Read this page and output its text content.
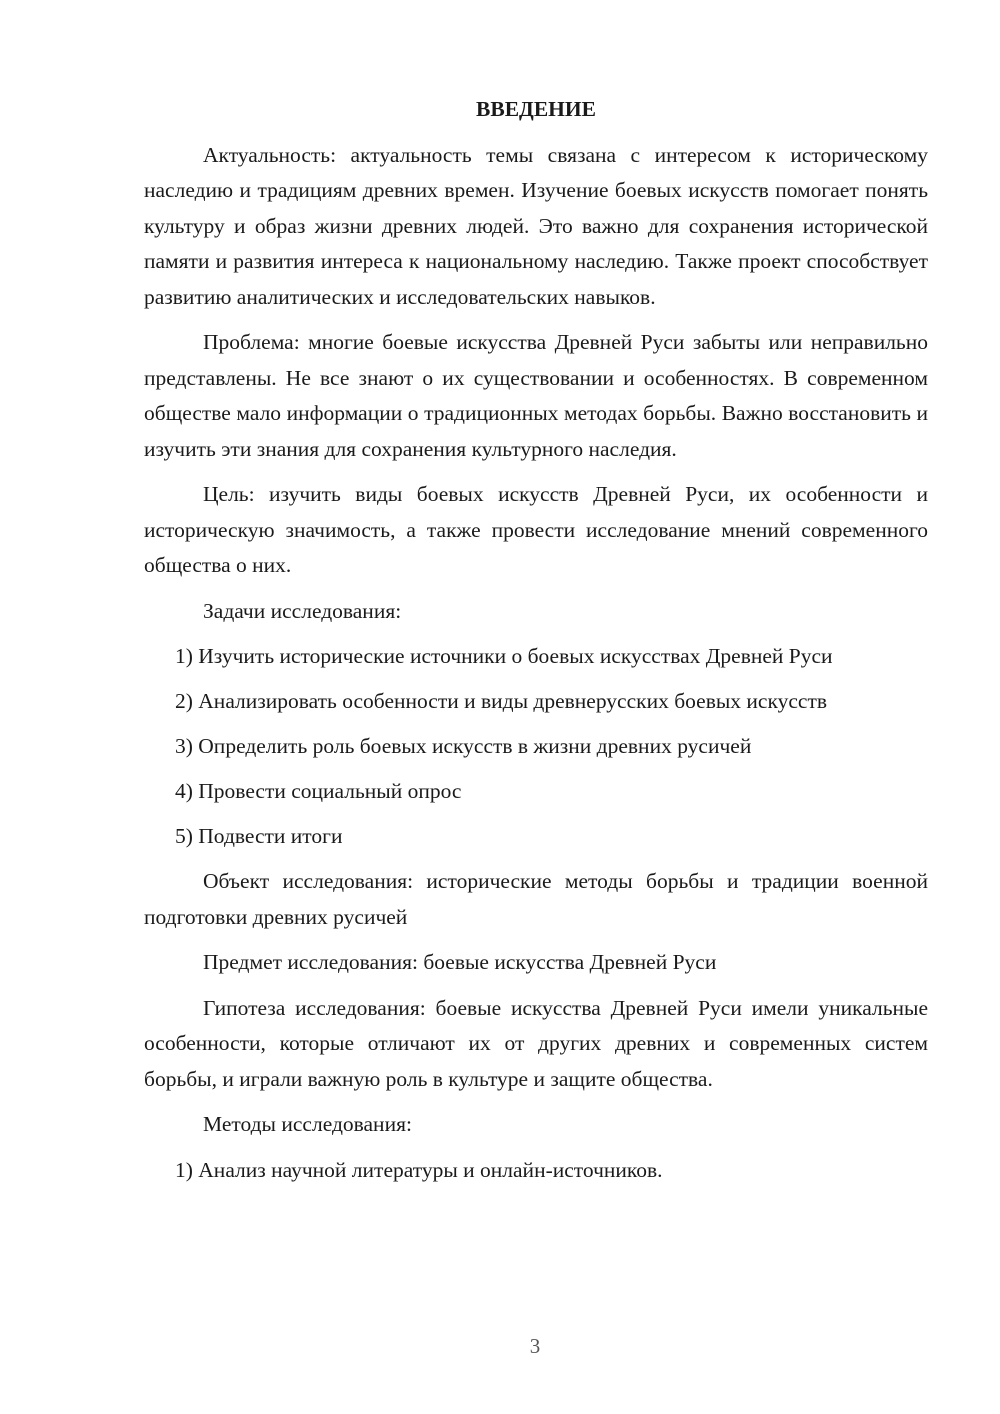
ВВЕДЕНИЕ

Актуальность: актуальность темы связана с интересом к историческому наследию и традициям древних времен. Изучение боевых искусств помогает понять культуру и образ жизни древних людей. Это важно для сохранения исторической памяти и развития интереса к национальному наследию. Также проект способствует развитию аналитических и исследовательских навыков.

Проблема: многие боевые искусства Древней Руси забыты или неправильно представлены. Не все знают о их существовании и особенностях. В современном обществе мало информации о традиционных методах борьбы. Важно восстановить и изучить эти знания для сохранения культурного наследия.

Цель: изучить виды боевых искусств Древней Руси, их особенности и историческую значимость, а также провести исследование мнений современного общества о них.

Задачи исследования:

1) Изучить исторические источники о боевых искусствах Древней Руси
2) Анализировать особенности и виды древнерусских боевых искусств
3) Определить роль боевых искусств в жизни древних русичей
4) Провести социальный опрос
5) Подвести итоги

Объект исследования: исторические методы борьбы и традиции военной подготовки древних русичей

Предмет исследования: боевые искусства Древней Руси

Гипотеза исследования: боевые искусства Древней Руси имели уникальные особенности, которые отличают их от других древних и современных систем борьбы, и играли важную роль в культуре и защите общества.

Методы исследования:

1) Анализ научной литературы и онлайн-источников.
3
